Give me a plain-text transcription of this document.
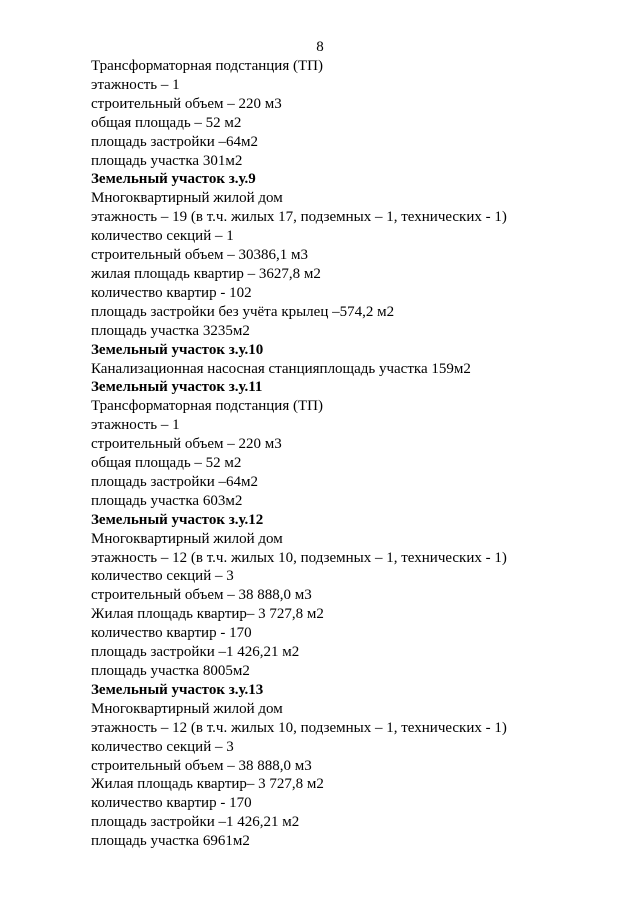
8
Трансформаторная подстанция (ТП)
этажность – 1
строительный объем – 220 м3
общая площадь – 52 м2
площадь застройки –64м2
площадь участка 301м2
Земельный участок з.у.9
Многоквартирный жилой дом
этажность – 19 (в т.ч. жилых 17, подземных – 1, технических - 1)
количество секций – 1
строительный объем – 30386,1 м3
жилая площадь квартир – 3627,8 м2
количество квартир - 102
площадь застройки без учёта крылец –574,2 м2
площадь участка 3235м2
Земельный участок з.у.10
Канализационная насосная станцияплощадь участка 159м2
Земельный участок з.у.11
Трансформаторная подстанция (ТП)
этажность – 1
строительный объем – 220 м3
общая площадь – 52 м2
площадь застройки –64м2
площадь участка 603м2
Земельный участок з.у.12
Многоквартирный жилой дом
этажность – 12 (в т.ч. жилых 10, подземных – 1, технических - 1)
количество секций – 3
строительный объем – 38 888,0 м3
Жилая площадь квартир– 3 727,8 м2
количество квартир - 170
площадь застройки –1 426,21 м2
площадь участка 8005м2
Земельный участок з.у.13
Многоквартирный жилой дом
этажность – 12 (в т.ч. жилых 10, подземных – 1, технических - 1)
количество секций – 3
строительный объем – 38 888,0 м3
Жилая площадь квартир– 3 727,8 м2
количество квартир - 170
площадь застройки –1 426,21 м2
площадь участка 6961м2
